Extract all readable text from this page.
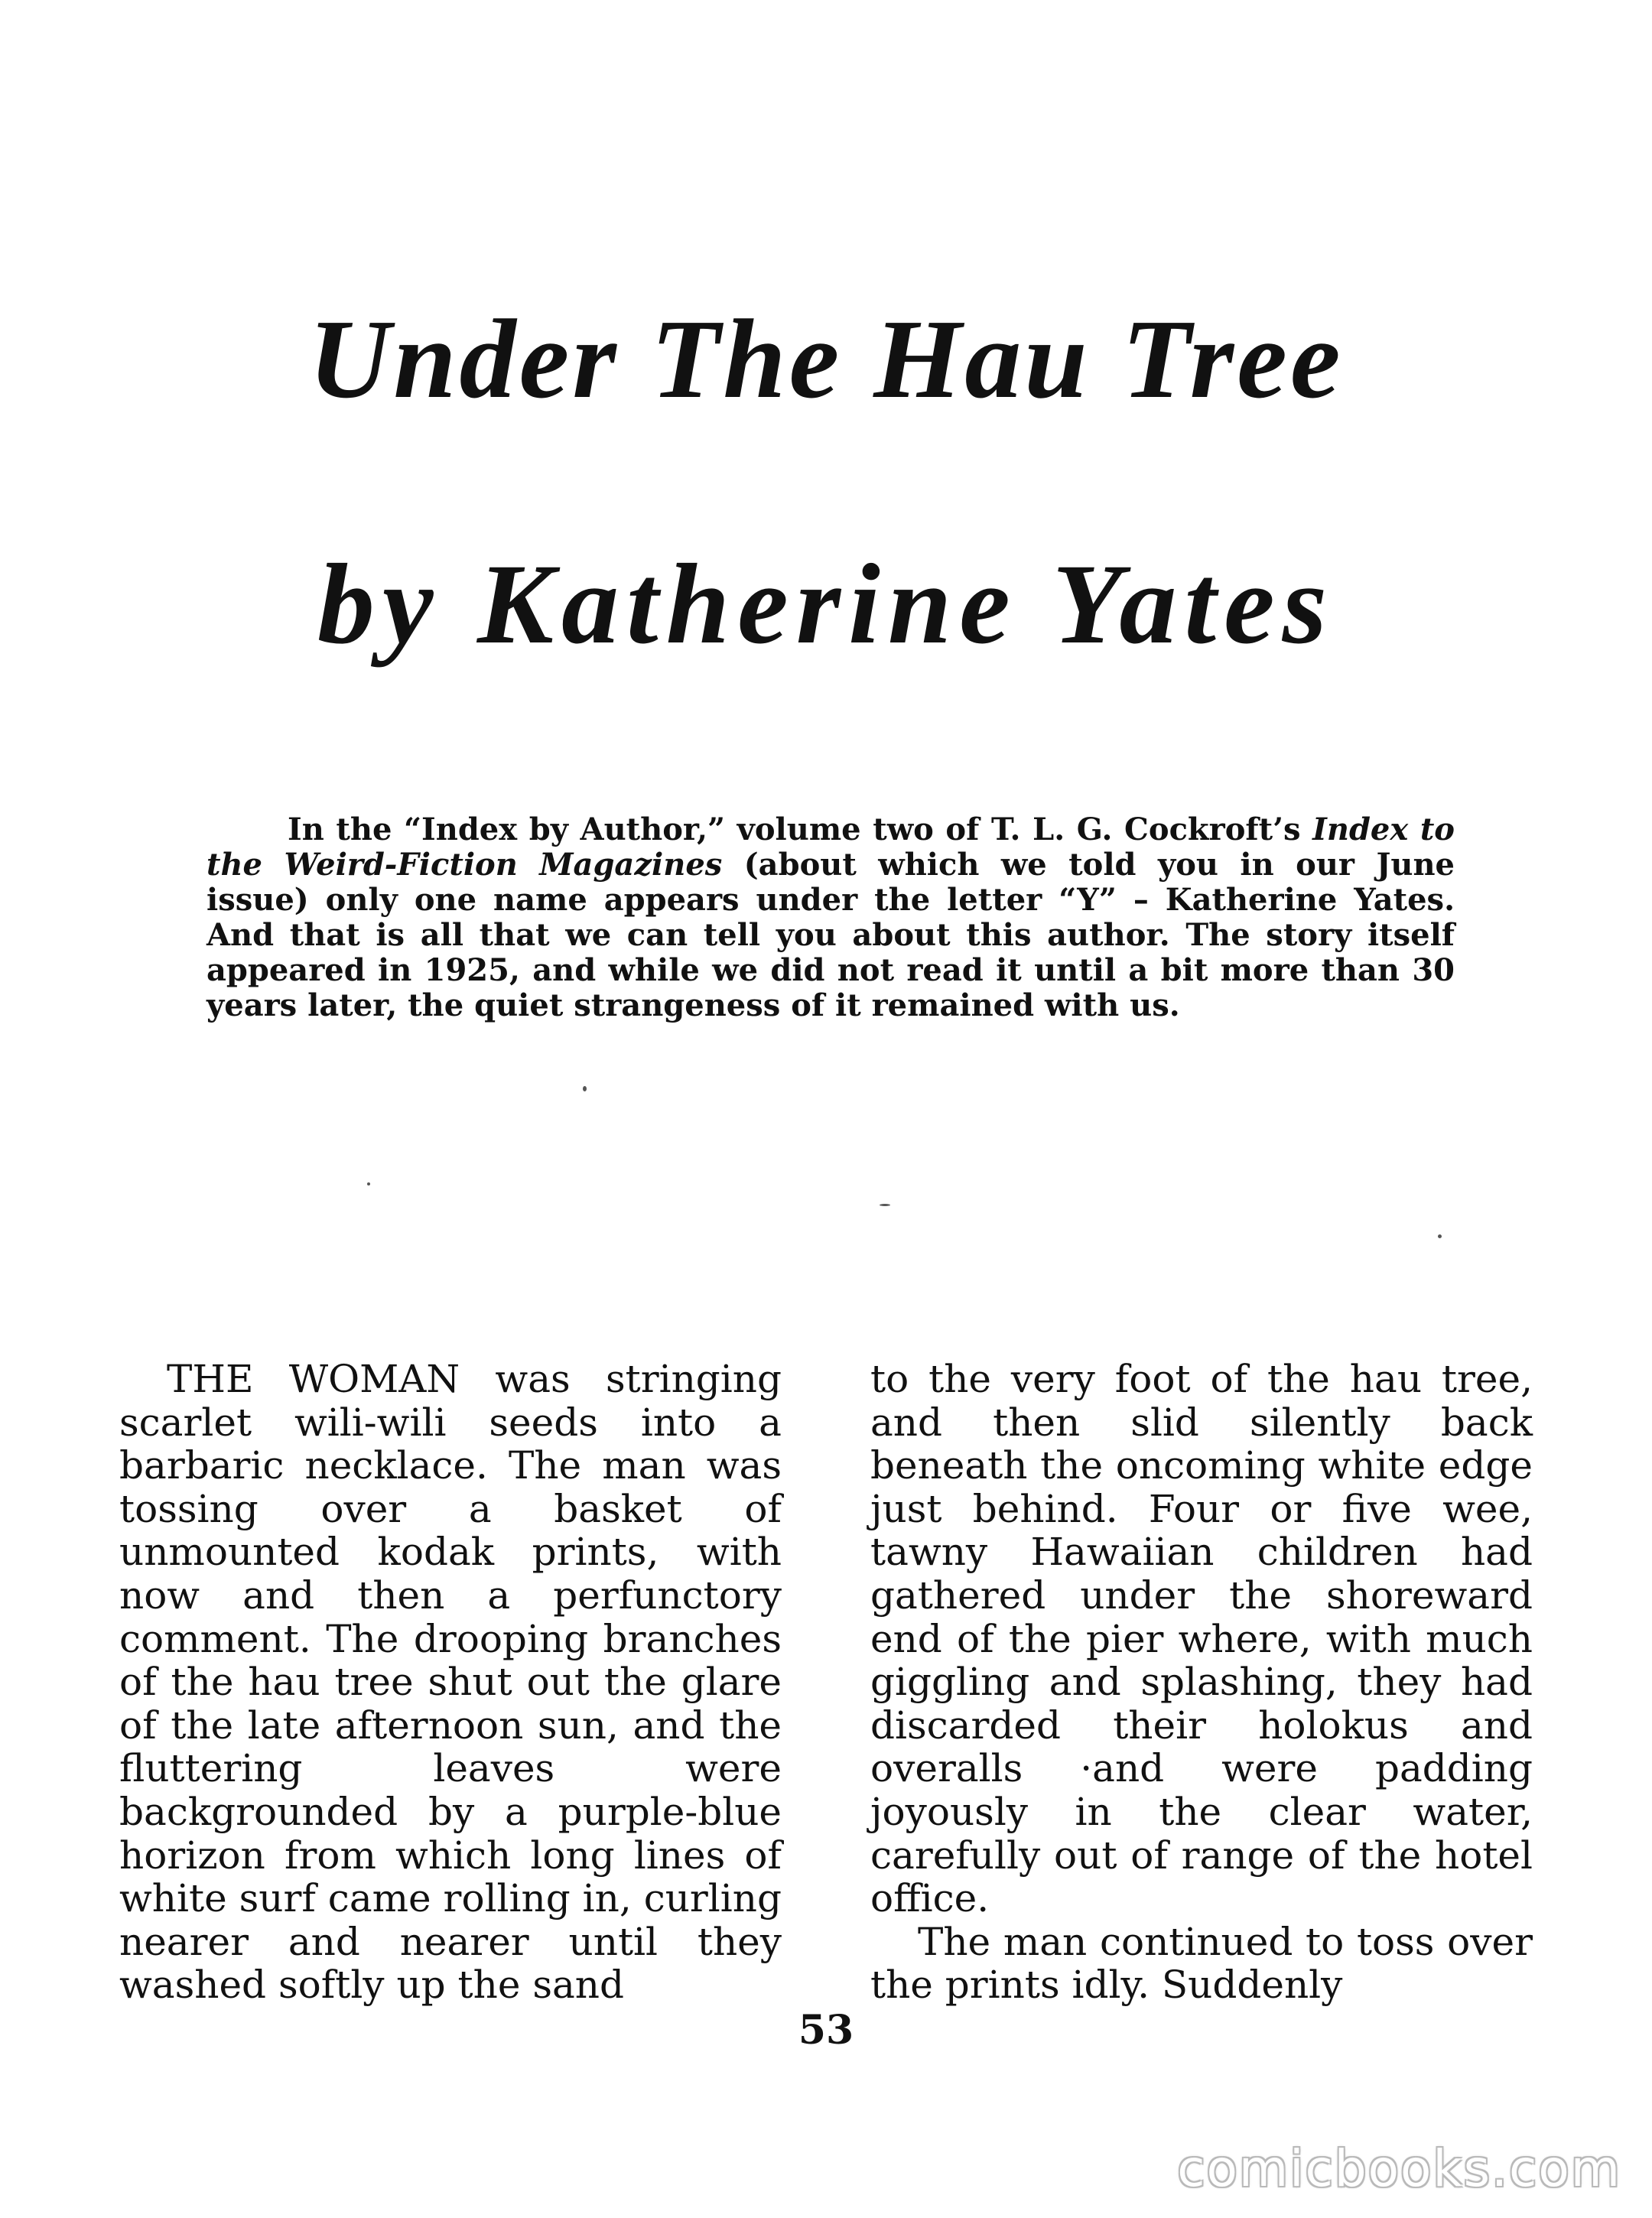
Under The Hau Tree
by Katherine Yates

In the “Index by Author,” volume two of T. L. G. Cockroft’s Index to the Weird-Fiction Magazines (about which we told you in our June issue) only one name appears under the letter “Y” – Katherine Yates. And that is all that we can tell you about this author. The story itself appeared in 1925, and while we did not read it until a bit more than 30 years later, the quiet strangeness of it remained with us.

THE WOMAN was stringing scarlet wili-wili seeds into a barbaric necklace. The man was tossing over a basket of unmounted kodak prints, with now and then a perfunctory comment. The drooping branches of the hau tree shut out the glare of the late afternoon sun, and the fluttering leaves were backgrounded by a purple-blue horizon from which long lines of white surf came rolling in, curling nearer and nearer until they washed softly up the sand

to the very foot of the hau tree, and then slid silently back beneath the oncoming white edge just behind. Four or five wee, tawny Hawaiian children had gathered under the shoreward end of the pier where, with much giggling and splashing, they had discarded their holokus and overalls ·and were padding joyously in the clear water, carefully out of range of the hotel office.

The man continued to toss over the prints idly. Suddenly

53
comicbooks.com
